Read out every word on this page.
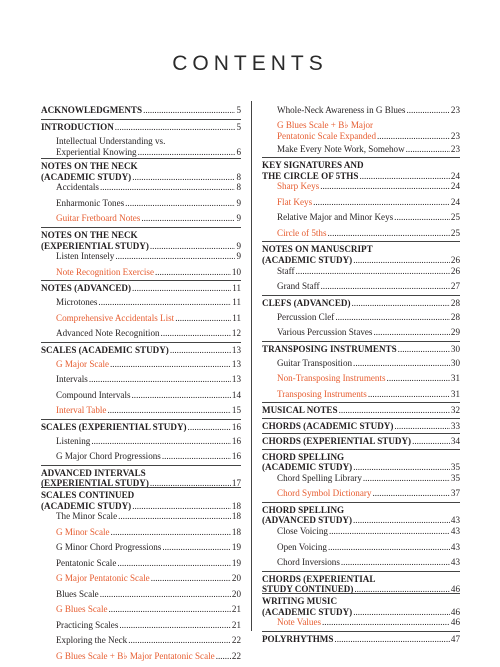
CONTENTS
ACKNOWLEDGMENTS .....	5
INTRODUCTION .....	5
Intellectual Understanding vs.
Experiential Knowing .....	6
NOTES ON THE NECK
(ACADEMIC STUDY) .....	8
Accidentals .....	8
Enharmonic Tones .....	9
Guitar Fretboard Notes .....	9
NOTES ON THE NECK
(EXPERIENTIAL STUDY) .....	9
Listen Intensely .....	9
Note Recognition Exercise .....	10
NOTES (ADVANCED) .....	11
Microtones .....	11
Comprehensive Accidentals List .....	11
Advanced Note Recognition .....	12
SCALES (ACADEMIC STUDY) .....	13
G Major Scale .....	13
Intervals .....	13
Compound Intervals .....	14
Interval Table .....	15
SCALES (EXPERIENTIAL STUDY) .....	16
Listening .....	16
G Major Chord Progressions .....	16
ADVANCED INTERVALS
(EXPERIENTIAL STUDY) .....	17
SCALES CONTINUED
(ACADEMIC STUDY) .....	18
The Minor Scale .....	18
G Minor Scale .....	18
G Minor Chord Progressions .....	19
Pentatonic Scale .....	19
G Major Pentatonic Scale .....	20
Blues Scale .....	20
G Blues Scale .....	21
Practicing Scales .....	21
Exploring the Neck .....	22
G Blues Scale + B♭ Major Pentatonic Scale ..... 22
Whole-Neck Awareness in G Blues .....	23
G Blues Scale + B♭ Major
Pentatonic Scale Expanded .....	23
Make Every Note Work, Somehow .....	23
KEY SIGNATURES AND
THE CIRCLE OF 5THS .....	24
Sharp Keys .....	24
Flat Keys .....	24
Relative Major and Minor Keys .....	25
Circle of 5ths .....	25
NOTES ON MANUSCRIPT
(ACADEMIC STUDY) .....	26
Staff .....	26
Grand Staff .....	27
CLEFS (ADVANCED) .....	28
Percussion Clef .....	28
Various Percussion Staves .....	29
TRANSPOSING INSTRUMENTS .....	30
Guitar Transposition .....	30
Non-Transposing Instruments .....	31
Transposing Instruments .....	31
MUSICAL NOTES .....	32
CHORDS (ACADEMIC STUDY) .....	33
CHORDS (EXPERIENTIAL STUDY) .....	34
CHORD SPELLING
(ACADEMIC STUDY) .....	35
Chord Spelling Library .....	35
Chord Symbol Dictionary .....	37
CHORD SPELLING
(ADVANCED STUDY) .....	43
Close Voicing .....	43
Open Voicing .....	43
Chord Inversions .....	43
CHORDS (EXPERIENTIAL
STUDY CONTINUED) .....	46
WRITING MUSIC
(ACADEMIC STUDY) .....	46
Note Values .....	46
POLYRHYTHMS .....	47
